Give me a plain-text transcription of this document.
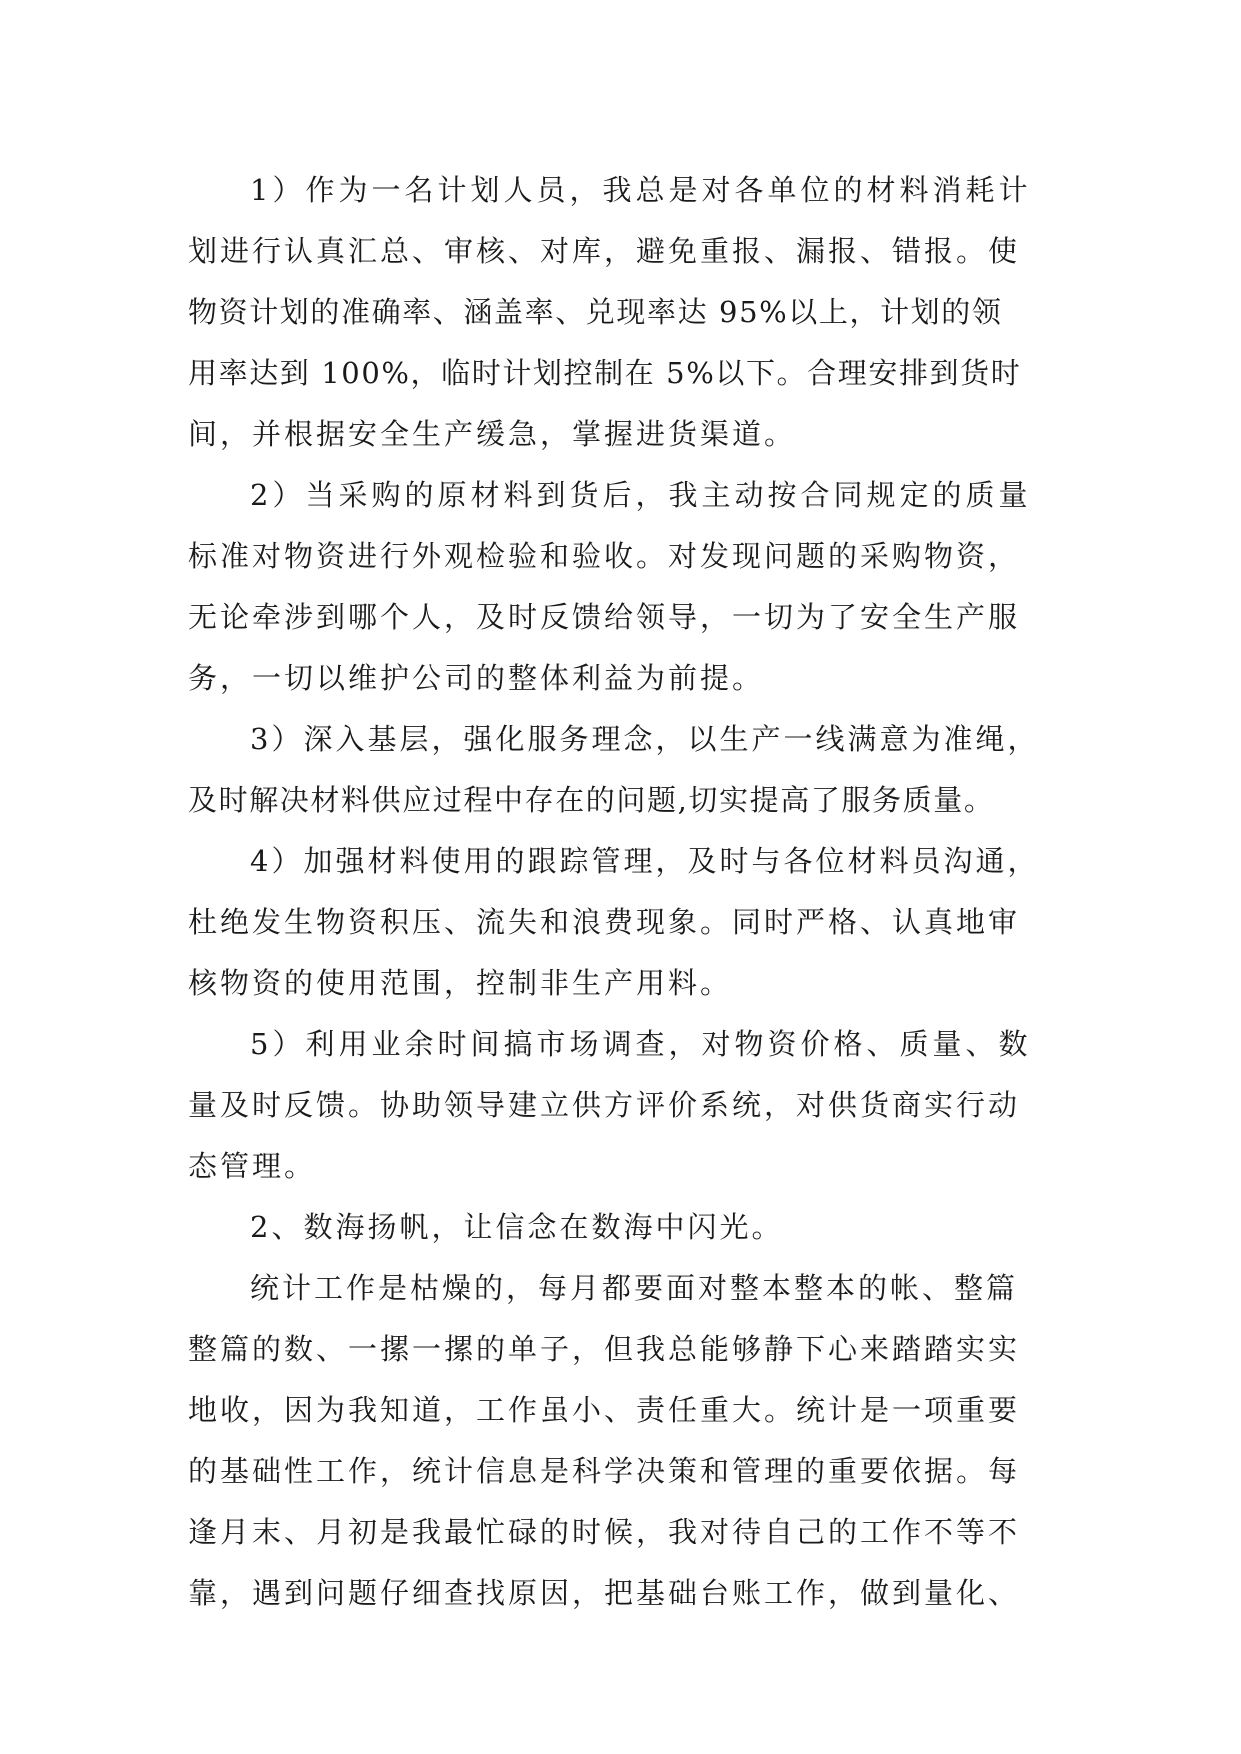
1）作为一名计划人员，我总是对各单位的材料消耗计
划进行认真汇总、审核、对库，避免重报、漏报、错报。使
物资计划的准确率、涵盖率、兑现率达 95%以上，计划的领
用率达到 100%，临时计划控制在 5%以下。合理安排到货时
间，并根据安全生产缓急，掌握进货渠道。
2）当采购的原材料到货后，我主动按合同规定的质量
标准对物资进行外观检验和验收。对发现问题的采购物资，
无论牵涉到哪个人，及时反馈给领导，一切为了安全生产服
务，一切以维护公司的整体利益为前提。
3）深入基层，强化服务理念，以生产一线满意为准绳，
及时解决材料供应过程中存在的问题,切实提高了服务质量。
4）加强材料使用的跟踪管理，及时与各位材料员沟通，
杜绝发生物资积压、流失和浪费现象。同时严格、认真地审
核物资的使用范围，控制非生产用料。
5）利用业余时间搞市场调查，对物资价格、质量、数
量及时反馈。协助领导建立供方评价系统，对供货商实行动
态管理。
2、数海扬帆，让信念在数海中闪光。
统计工作是枯燥的，每月都要面对整本整本的帐、整篇
整篇的数、一摞一摞的单子，但我总能够静下心来踏踏实实
地收，因为我知道，工作虽小、责任重大。统计是一项重要
的基础性工作，统计信息是科学决策和管理的重要依据。每
逢月末、月初是我最忙碌的时候，我对待自己的工作不等不
靠，遇到问题仔细查找原因，把基础台账工作，做到量化、
